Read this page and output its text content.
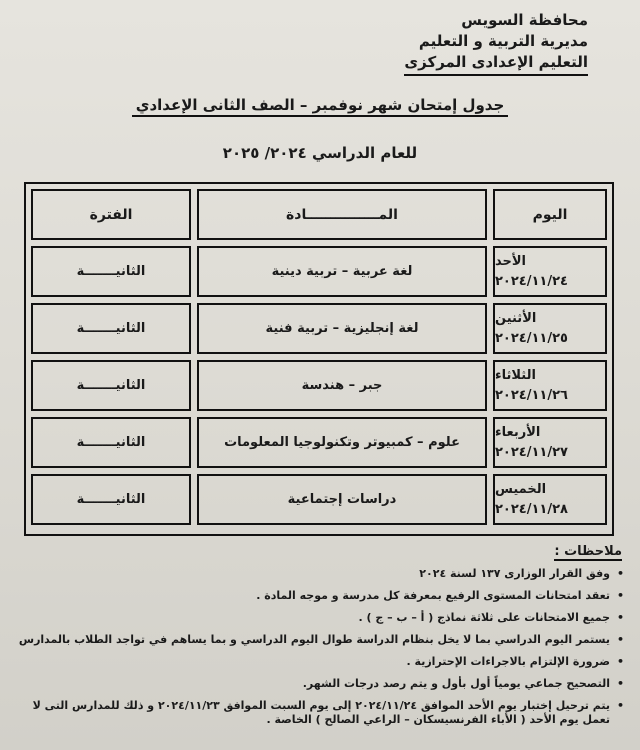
محافظة السويس
مديرية التربية و التعليم
التعليم الإعدادى المركزى
جدول إمتحان شهر نوفمبر – الصف الثانى الإعدادي
للعام الدراسي ٢٠٢٤/ ٢٠٢٥
اليوم
المـــــــــــــــادة
الفترة
الأحد
٢٠٢٤/١١/٢٤
لغة عربية – تربية دينية
الثانيـــــــة
الأثنين
٢٠٢٤/١١/٢٥
لغة إنجليزية – تربية فنية
الثانيـــــــة
الثلاثاء
٢٠٢٤/١١/٢٦
جبر – هندسة
الثانيـــــــة
الأربعاء
٢٠٢٤/١١/٢٧
علوم – كمبيوتر وتكنولوجيا المعلومات
الثانيـــــــة
الخميس
٢٠٢٤/١١/٢٨
دراسات إجتماعية
الثانيـــــــة
ملاحظات :
•
وفق القرار الوزارى ١٣٧ لسنة ٢٠٢٤
•
تعقد امتحانات المستوى الرفيع بمعرفة كل مدرسة و موجه المادة .
•
جميع الامتحانات على ثلاثة نماذج ( أ – ب – ج ) .
•
يستمر اليوم الدراسي بما لا يخل بنظام الدراسة طوال اليوم الدراسي و بما يساهم في تواجد الطلاب بالمدارس
•
ضرورة الإلتزام بالاجراءات الإحترازية .
•
التصحيح جماعي يومياً أول بأول و يتم رصد درجات الشهر.
•
يتم ترحيل إختبار يوم الأحد الموافق ٢٠٢٤/١١/٢٤ إلى يوم السبت الموافق ٢٠٢٤/١١/٢٣ و ذلك للمدارس التى لا تعمل يوم الأحد ( الأباء الفرنسيسكان – الراعي الصالح ) الخاصة .
